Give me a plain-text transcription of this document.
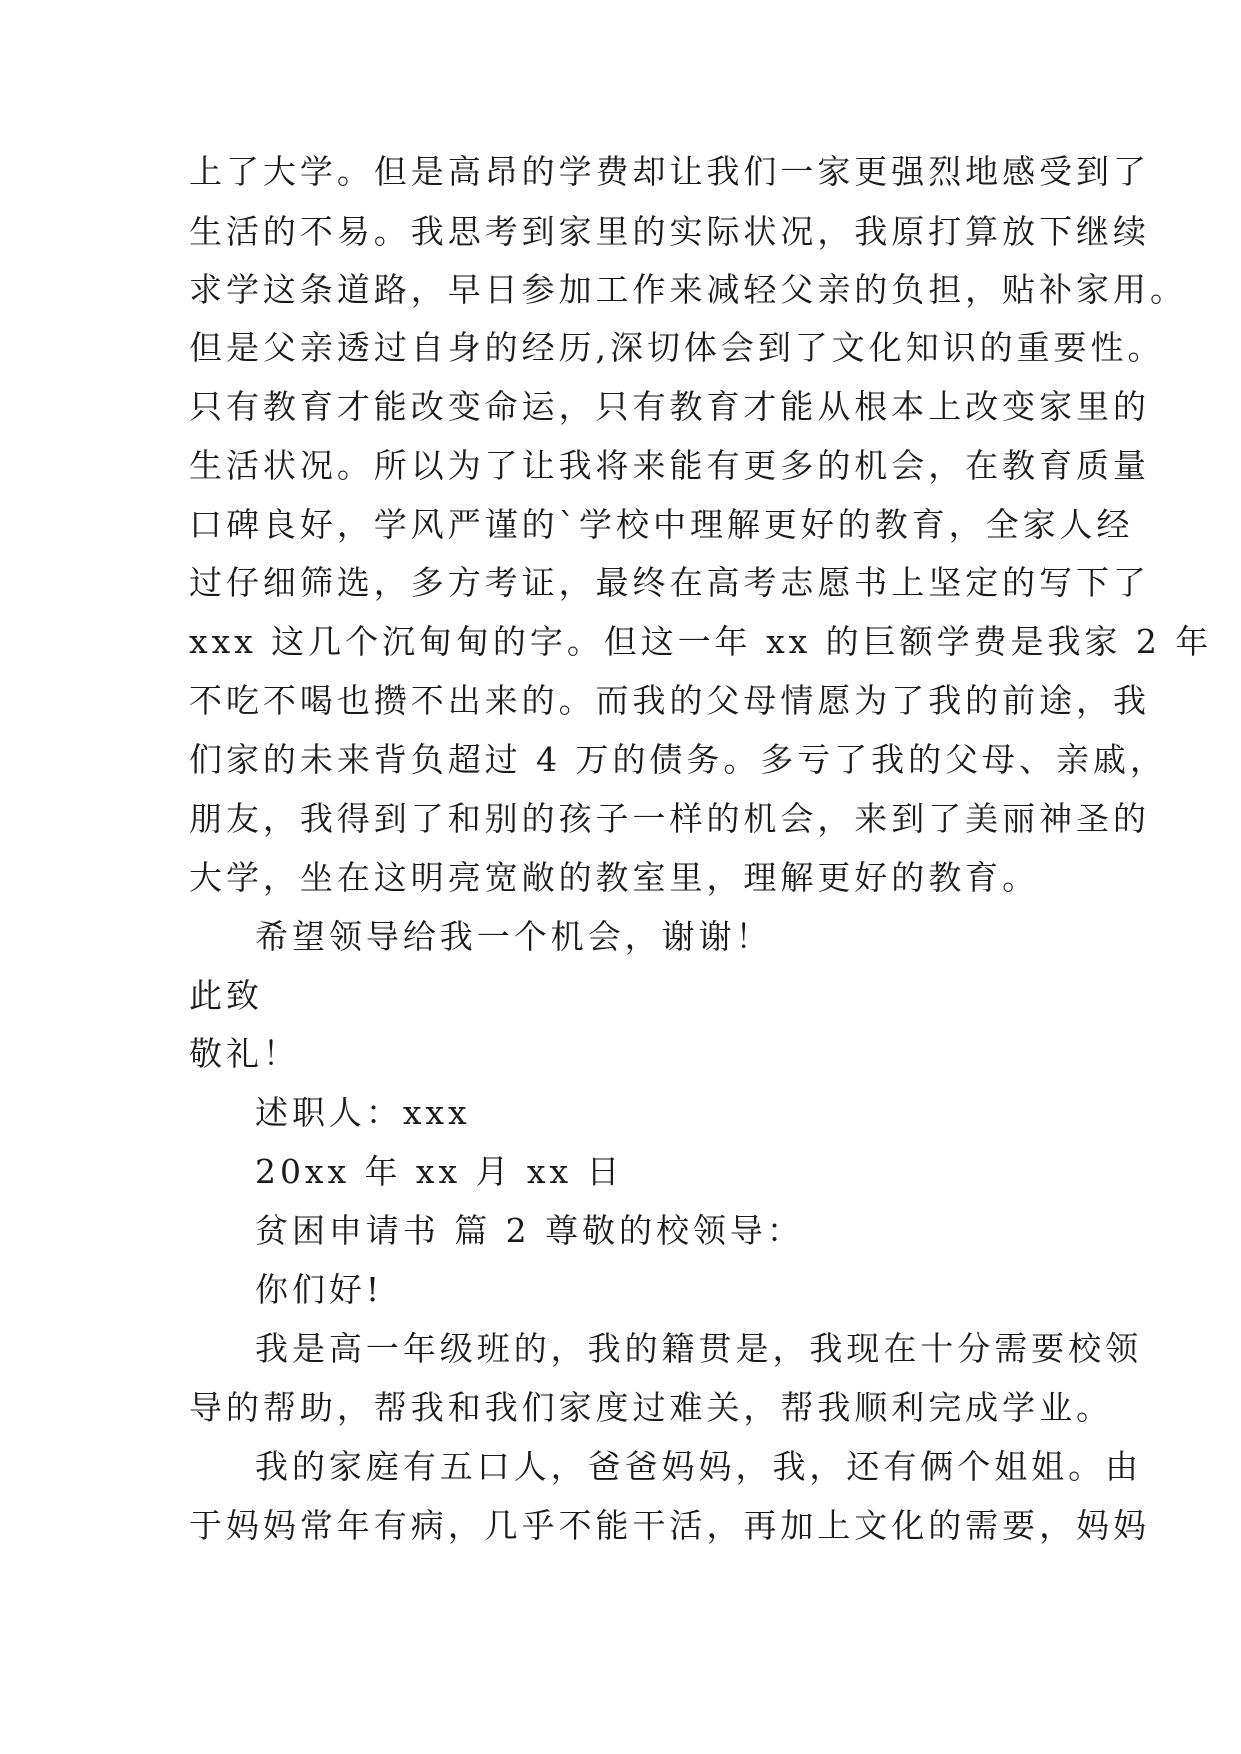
上了大学。但是高昂的学费却让我们一家更强烈地感受到了
生活的不易。我思考到家里的实际状况，我原打算放下继续
求学这条道路，早日参加工作来减轻父亲的负担，贴补家用。
但是父亲透过自身的经历,深切体会到了文化知识的重要性。
只有教育才能改变命运，只有教育才能从根本上改变家里的
生活状况。所以为了让我将来能有更多的机会，在教育质量
口碑良好，学风严谨的`学校中理解更好的教育，全家人经
过仔细筛选，多方考证，最终在高考志愿书上坚定的写下了
xxx 这几个沉甸甸的字。但这一年 xx 的巨额学费是我家 2 年
不吃不喝也攒不出来的。而我的父母情愿为了我的前途，我
们家的未来背负超过 4 万的债务。多亏了我的父母、亲戚，
朋友，我得到了和别的孩子一样的机会，来到了美丽神圣的
大学，坐在这明亮宽敞的教室里，理解更好的教育。
希望领导给我一个机会，谢谢！
此致
敬礼！
述职人：xxx
20xx 年 xx 月 xx 日
贫困申请书 篇 2 尊敬的校领导：
你们好!
我是高一年级班的，我的籍贯是，我现在十分需要校领
导的帮助，帮我和我们家度过难关，帮我顺利完成学业。
我的家庭有五口人，爸爸妈妈，我，还有俩个姐姐。由
于妈妈常年有病，几乎不能干活，再加上文化的需要，妈妈
